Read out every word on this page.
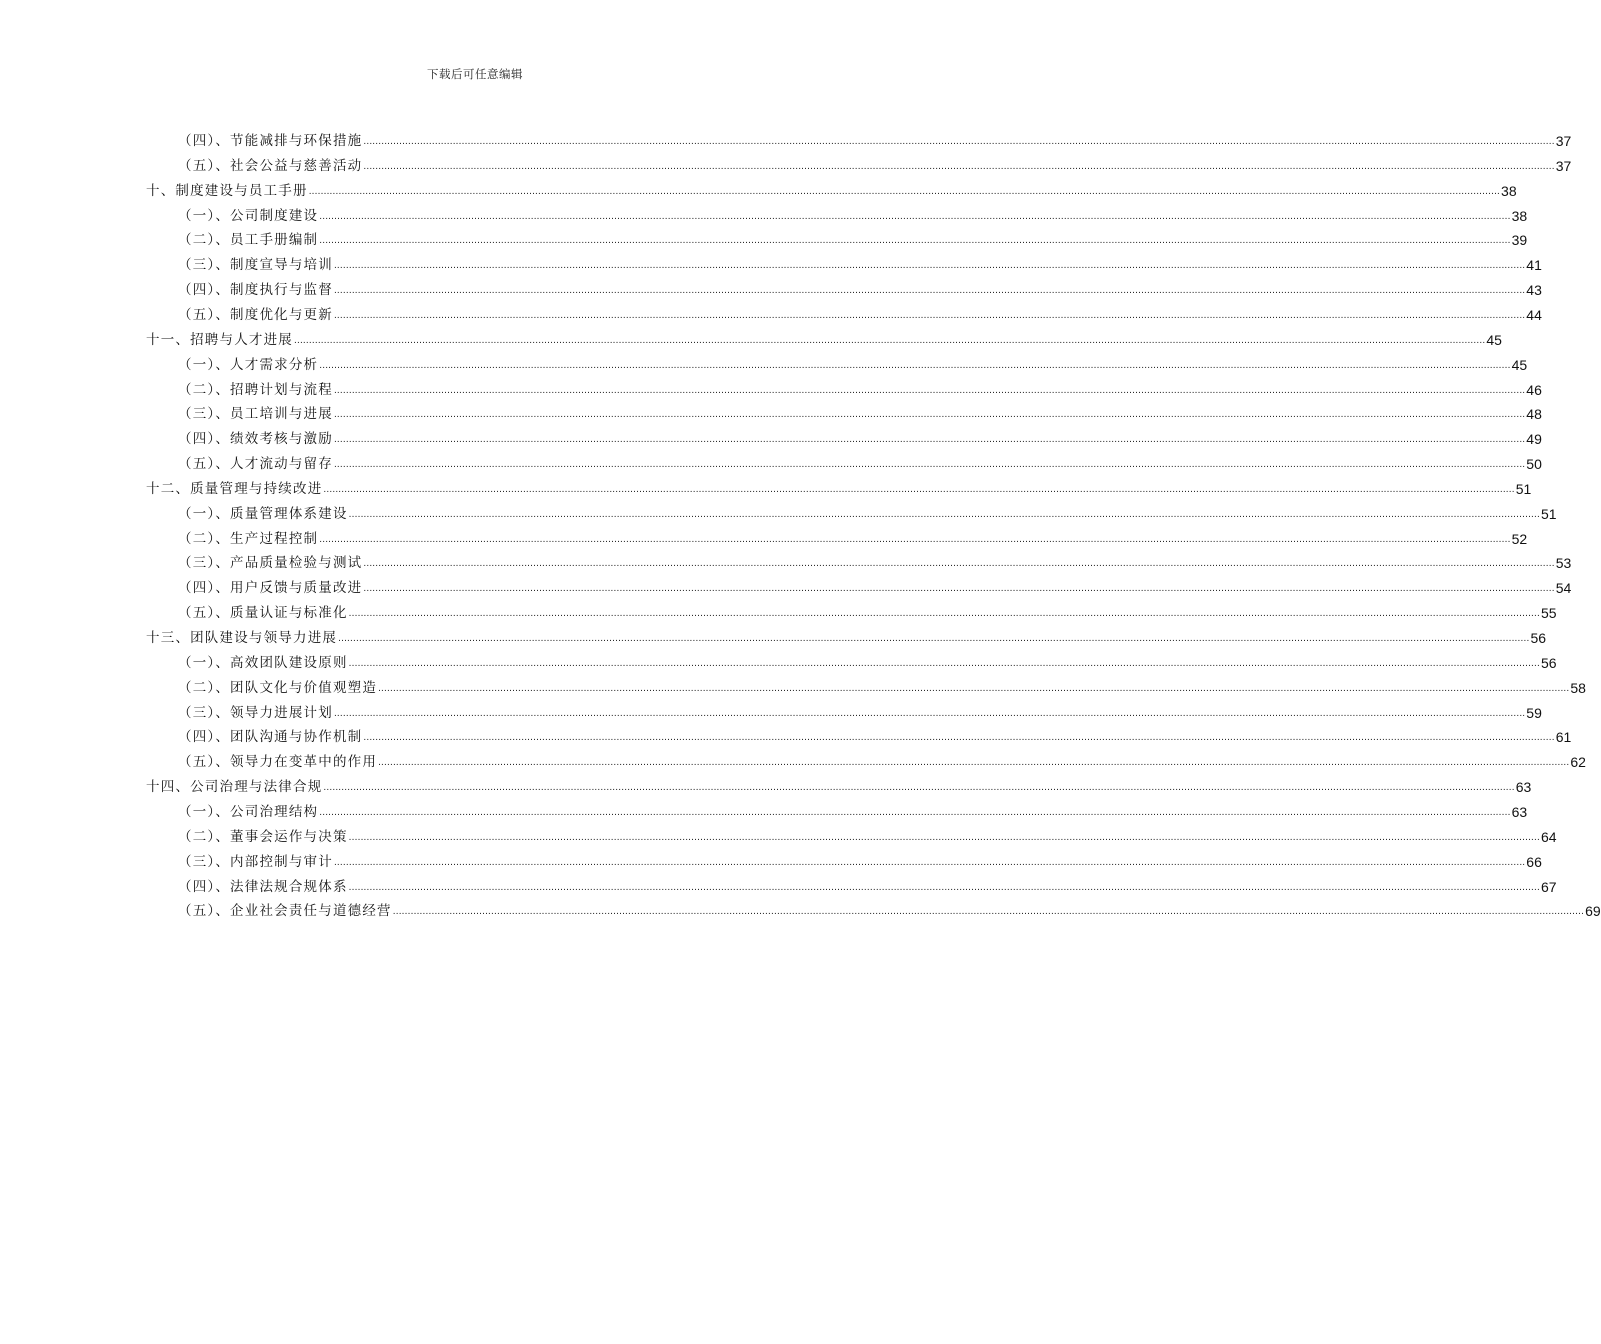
下载后可任意编辑
（四）、节能减排与环保措施 ................................................................................................................................................................................................................................................................................................................................................................................................................ 37
（五）、社会公益与慈善活动 ................................................................................................................................................................................................................................................................................................................................................................................................................ 37
十、制度建设与员工手册 ................................................................................................................................................................................................................................................................................................................................................................................................................ 38
（一）、公司制度建设 ................................................................................................................................................................................................................................................................................................................................................................................................................ 38
（二）、员工手册编制 ................................................................................................................................................................................................................................................................................................................................................................................................................ 39
（三）、制度宣导与培训 ................................................................................................................................................................................................................................................................................................................................................................................................................ 41
（四）、制度执行与监督 ................................................................................................................................................................................................................................................................................................................................................................................................................ 43
（五）、制度优化与更新 ................................................................................................................................................................................................................................................................................................................................................................................................................ 44
十一、招聘与人才进展 ................................................................................................................................................................................................................................................................................................................................................................................................................ 45
（一）、人才需求分析 ................................................................................................................................................................................................................................................................................................................................................................................................................ 45
（二）、招聘计划与流程 ................................................................................................................................................................................................................................................................................................................................................................................................................ 46
（三）、员工培训与进展 ................................................................................................................................................................................................................................................................................................................................................................................................................ 48
（四）、绩效考核与激励 ................................................................................................................................................................................................................................................................................................................................................................................................................ 49
（五）、人才流动与留存 ................................................................................................................................................................................................................................................................................................................................................................................................................ 50
十二、质量管理与持续改进 ................................................................................................................................................................................................................................................................................................................................................................................................................ 51
（一）、质量管理体系建设 ................................................................................................................................................................................................................................................................................................................................................................................................................ 51
（二）、生产过程控制 ................................................................................................................................................................................................................................................................................................................................................................................................................ 52
（三）、产品质量检验与测试 ................................................................................................................................................................................................................................................................................................................................................................................................................ 53
（四）、用户反馈与质量改进 ................................................................................................................................................................................................................................................................................................................................................................................................................ 54
（五）、质量认证与标准化 ................................................................................................................................................................................................................................................................................................................................................................................................................ 55
十三、团队建设与领导力进展 ................................................................................................................................................................................................................................................................................................................................................................................................................ 56
（一）、高效团队建设原则 ................................................................................................................................................................................................................................................................................................................................................................................................................ 56
（二）、团队文化与价值观塑造 ................................................................................................................................................................................................................................................................................................................................................................................................................ 58
（三）、领导力进展计划 ................................................................................................................................................................................................................................................................................................................................................................................................................ 59
（四）、团队沟通与协作机制 ................................................................................................................................................................................................................................................................................................................................................................................................................ 61
（五）、领导力在变革中的作用 ................................................................................................................................................................................................................................................................................................................................................................................................................ 62
十四、公司治理与法律合规 ................................................................................................................................................................................................................................................................................................................................................................................................................ 63
（一）、公司治理结构 ................................................................................................................................................................................................................................................................................................................................................................................................................ 63
（二）、董事会运作与决策 ................................................................................................................................................................................................................................................................................................................................................................................................................ 64
（三）、内部控制与审计 ................................................................................................................................................................................................................................................................................................................................................................................................................ 66
（四）、法律法规合规体系 ................................................................................................................................................................................................................................................................................................................................................................................................................ 67
（五）、企业社会责任与道德经营 ................................................................................................................................................................................................................................................................................................................................................................................................................ 69
